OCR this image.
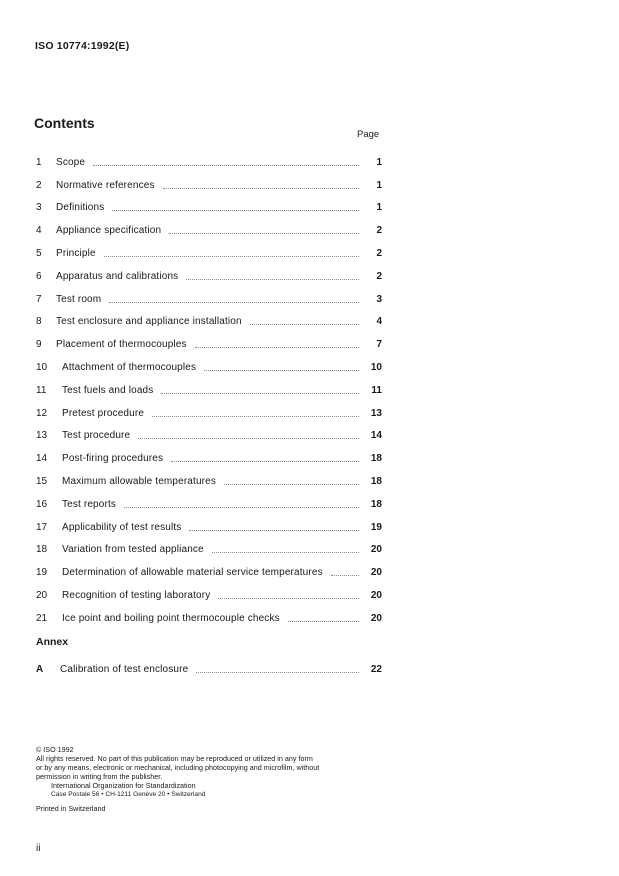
ISO 10774:1992(E)
Contents
Page
1	Scope	1
2	Normative references	1
3	Definitions	1
4	Appliance specification	2
5	Principle	2
6	Apparatus and calibrations	2
7	Test room	3
8	Test enclosure and appliance installation	4
9	Placement of thermocouples	7
10	Attachment of thermocouples	10
11	Test fuels and loads	11
12	Pretest procedure	13
13	Test procedure	14
14	Post-firing procedures	18
15	Maximum allowable temperatures	18
16	Test reports	18
17	Applicability of test results	19
18	Variation from tested appliance	20
19	Determination of allowable material service temperatures	20
20	Recognition of testing laboratory	20
21	Ice point and boiling point thermocouple checks	20
Annex
A	Calibration of test enclosure	22
© ISO 1992
All rights reserved. No part of this publication may be reproduced or utilized in any form
or by any means, electronic or mechanical, including photocopying and microfilm, without
permission in writing from the publisher.
International Organization for Standardization
Case Postale 56 • CH-1211 Genève 20 • Switzerland
Printed in Switzerland
ii
